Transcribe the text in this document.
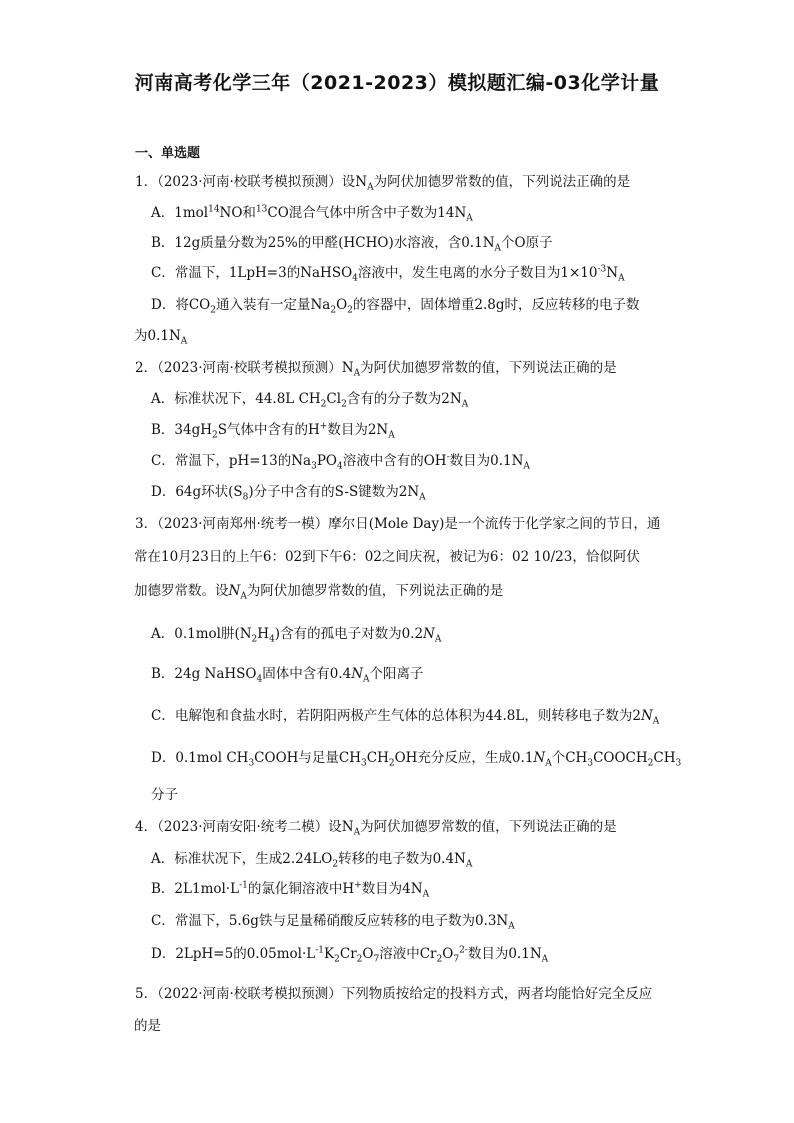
河南高考化学三年（2021-2023）模拟题汇编-03化学计量
一、单选题
1．（2023·河南·校联考模拟预测）设$N_A$为阿伏加德罗常数的值，下列说法正确的是
A．1mol$^{14}$NO和$^{13}$CO混合气体中所含中子数为$14N_A$
B．12g质量分数为25%的甲醛(HCHO)水溶液，含$0.1N_A$个O原子
C．常温下，1LpH=3的NaHSO$_4$溶液中，发生电离的水分子数目为$1\times 10^{-3}N_A$
D．将$CO_2$通入装有一定量$Na_2O_2$的容器中，固体增重2.8g时，反应转移的电子数
为$0.1N_A$
2．（2023·河南·校联考模拟预测）$N_A$为阿伏加德罗常数的值，下列说法正确的是
A．标准状况下，44.8L $CH_2Cl_2$含有的分子数为$2N_A$
B．$34gH_2S$气体中含有的H+数目为$2N_A$
C．常温下，pH=13的$Na_3PO_4$溶液中含有的OH-数目为$0.1N_A$
D．64g环状$(S_8)$分子中含有的S-S键数为$2N_A$
3．（2023·河南郑州·统考一模）摩尔日(Mole Day)是一个流传于化学家之间的节日，通
常在10月23日的上午6：02到下午6：02之间庆祝，被记为6：02 10/23，恰似阿伏
加德罗常数。设$N_A$为阿伏加德罗常数的值，下列说法正确的是
A．0.1mol肼$(N_2H_4)$含有的孤电子对数为$0.2N_A$
B．24g NaHSO$_4$固体中含有$0.4N_A$个阳离子
C．电解饱和食盐水时，若阴阳两极产生气体的总体积为44.8L，则转移电子数为$2N_A$
D．0.1mol $CH_3COOH$与足量$CH_3CH_2OH$充分反应，生成$0.1N_A$个$CH_3COOCH_2CH_3$
分子
4．（2023·河南安阳·统考二模）设$N_A$为阿伏加德罗常数的值，下列说法正确的是
A．标准状况下，生成$2.24LO_2$转移的电子数为$0.4N_A$
B．$2L1mol\cdot L^{-1}$的氯化铜溶液中H+数目为$4N_A$
C．常温下，5.6g铁与足量稀硝酸反应转移的电子数为$0.3N_A$
D．2LpH=5的$0.05mol\cdot L^{-1}K_2Cr_2O_7$溶液中$Cr_2O_7^{2-}$数目为$0.1N_A$
5．（2022·河南·校联考模拟预测）下列物质按给定的投料方式，两者均能恰好完全反应
的是
